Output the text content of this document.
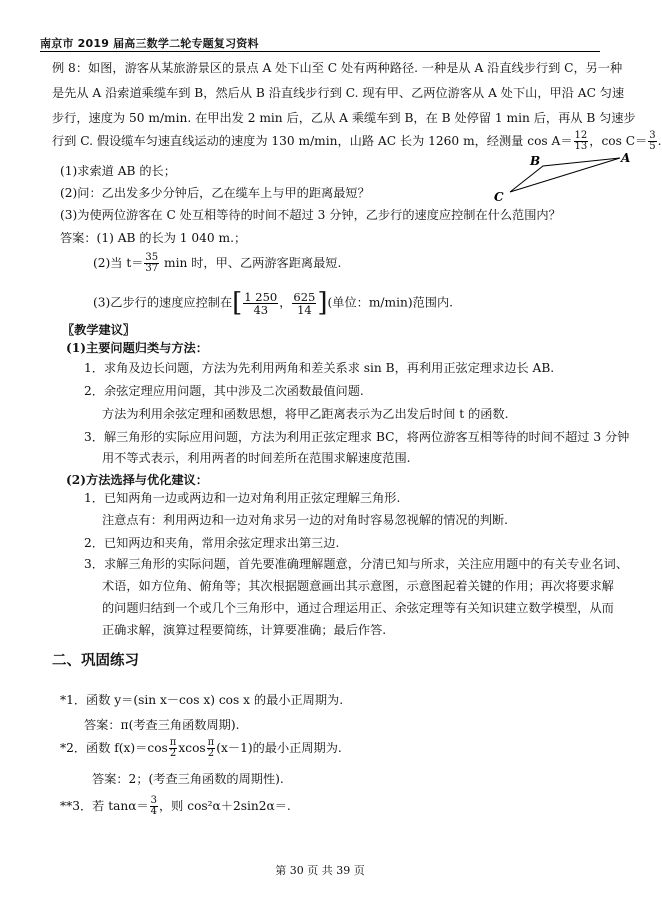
南京市 2019 届高三数学二轮专题复习资料
例 8：如图，游客从某旅游景区的景点 A 处下山至 C 处有两种路径. 一种是从 A 沿直线步行到 C，另一种
是先从 A 沿索道乘缆车到 B，然后从 B 沿直线步行到 C. 现有甲、乙两位游客从 A 处下山，甲沿 AC 匀速
步行，速度为 50 m/min. 在甲出发 2 min 后，乙从 A 乘缆车到 B，在 B 处停留 1 min 后，再从 B 匀速步
行到 C. 假设缆车匀速直线运动的速度为 130 m/min，山路 AC 长为 1260 m，经测量 $\cos A= \frac{12}{13}$ ，$\cos C= \frac{3}{5}$ .
(1)求索道 AB 的长；
(2)问：乙出发多少分钟后，乙在缆车上与甲的距离最短？
(3)为使两位游客在 C 处互相等待的时间不超过 3 分钟，乙步行的速度应控制在什么范围内？
B	A
C
答案：(1) AB 的长为 1 040 m.；
(2)当 $t= \frac{35}{37}$ min 时，甲、乙两游客距离最短.
(3)乙步行的速度应控制在[ $\frac{1 250}{43}$ ， $\frac{625}{14}$ ](单位：m/min)范围内.
〖教学建议〗
(1)主要问题归类与方法：
1．求角及边长问题，方法为先利用两角和差关系求 sin B，再利用正弦定理求边长 AB.
2．余弦定理应用问题，其中涉及二次函数最值问题.
方法为利用余弦定理和函数思想，将甲乙距离表示为乙出发后时间 t 的函数.
3．解三角形的实际应用问题，方法为利用正弦定理求 BC，将两位游客互相等待的时间不超过 3 分钟
用不等式表示，利用两者的时间差所在范围求解速度范围.
(2)方法选择与优化建议：
1．已知两角一边或两边和一边对角利用正弦定理解三角形.
注意点有：利用两边和一边对角求另一边的对角时容易忽视解的情况的判断.
2．已知两边和夹角，常用余弦定理求出第三边.
3．求解三角形的实际问题，首先要准确理解题意，分清已知与所求，关注应用题中的有关专业名词、
术语，如方位角、俯角等；其次根据题意画出其示意图，示意图起着关键的作用；再次将要求解
的问题归结到一个或几个三角形中，通过合理运用正、余弦定理等有关知识建立数学模型，从而
正确求解，演算过程要简练，计算要准确；最后作答.
二、巩固练习
*1．函数 y＝(sin x－cos x) cos x 的最小正周期为.
答案：π(考查三角函数周期).
*2．函数 $f(x)=\cos \frac{\pi}{2}$ xcos $\frac{\pi}{2} (x-1)$的最小正周期为.
答案：2；(考查三角函数的周期性).
**3．若 $\tan\alpha= \frac{3}{4}$ ，则 cos²α＋2sin2α＝.
第 30 页 共 39 页
